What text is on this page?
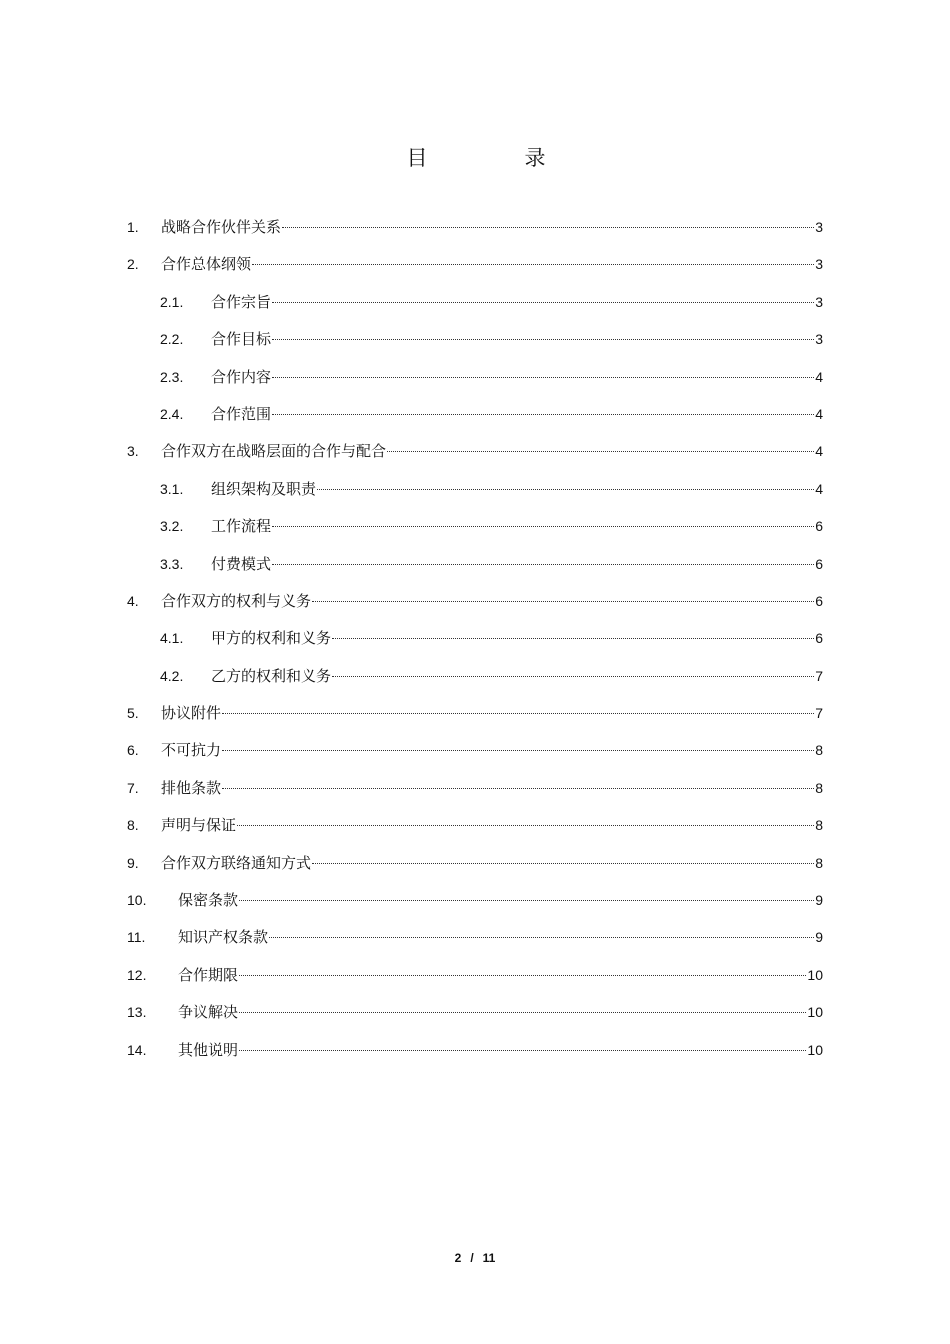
目　录
1.	战略合作伙伴关系	3
2.	合作总体纲领	3
2.1.	合作宗旨	3
2.2.	合作目标	3
2.3.	合作内容	4
2.4.	合作范围	4
3.	合作双方在战略层面的合作与配合	4
3.1.	组织架构及职责	4
3.2.	工作流程	6
3.3.	付费模式	6
4.	合作双方的权利与义务	6
4.1.	甲方的权利和义务	6
4.2.	乙方的权利和义务	7
5.	协议附件	7
6.	不可抗力	8
7.	排他条款	8
8.	声明与保证	8
9.	合作双方联络通知方式	8
10.	保密条款	9
11.	知识产权条款	9
12.	合作期限	10
13.	争议解决	10
14.	其他说明	10
2 / 11
